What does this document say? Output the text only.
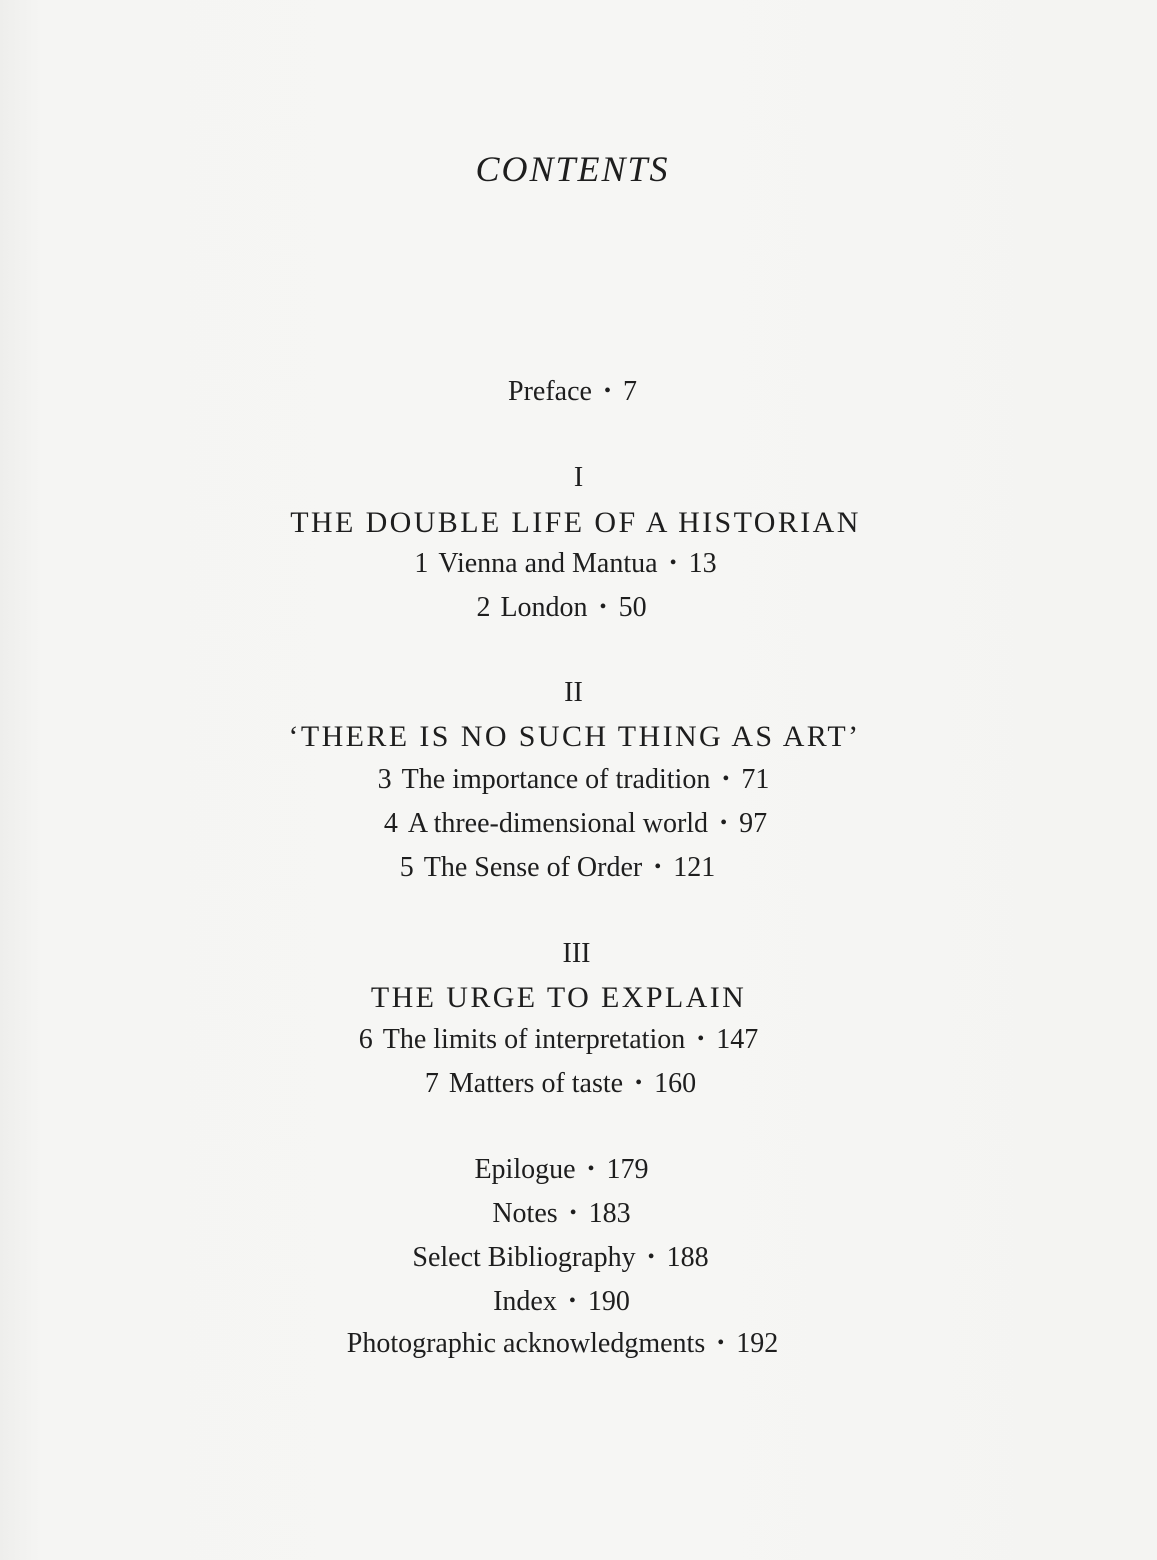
CONTENTS
Preface • 7
I
THE DOUBLE LIFE OF A HISTORIAN
1 Vienna and Mantua • 13
2 London • 50
II
‘THERE IS NO SUCH THING AS ART’
3 The importance of tradition • 71
4 A three-dimensional world • 97
5 The Sense of Order • 121
III
THE URGE TO EXPLAIN
6 The limits of interpretation • 147
7 Matters of taste • 160
Epilogue • 179
Notes • 183
Select Bibliography • 188
Index • 190
Photographic acknowledgments • 192
